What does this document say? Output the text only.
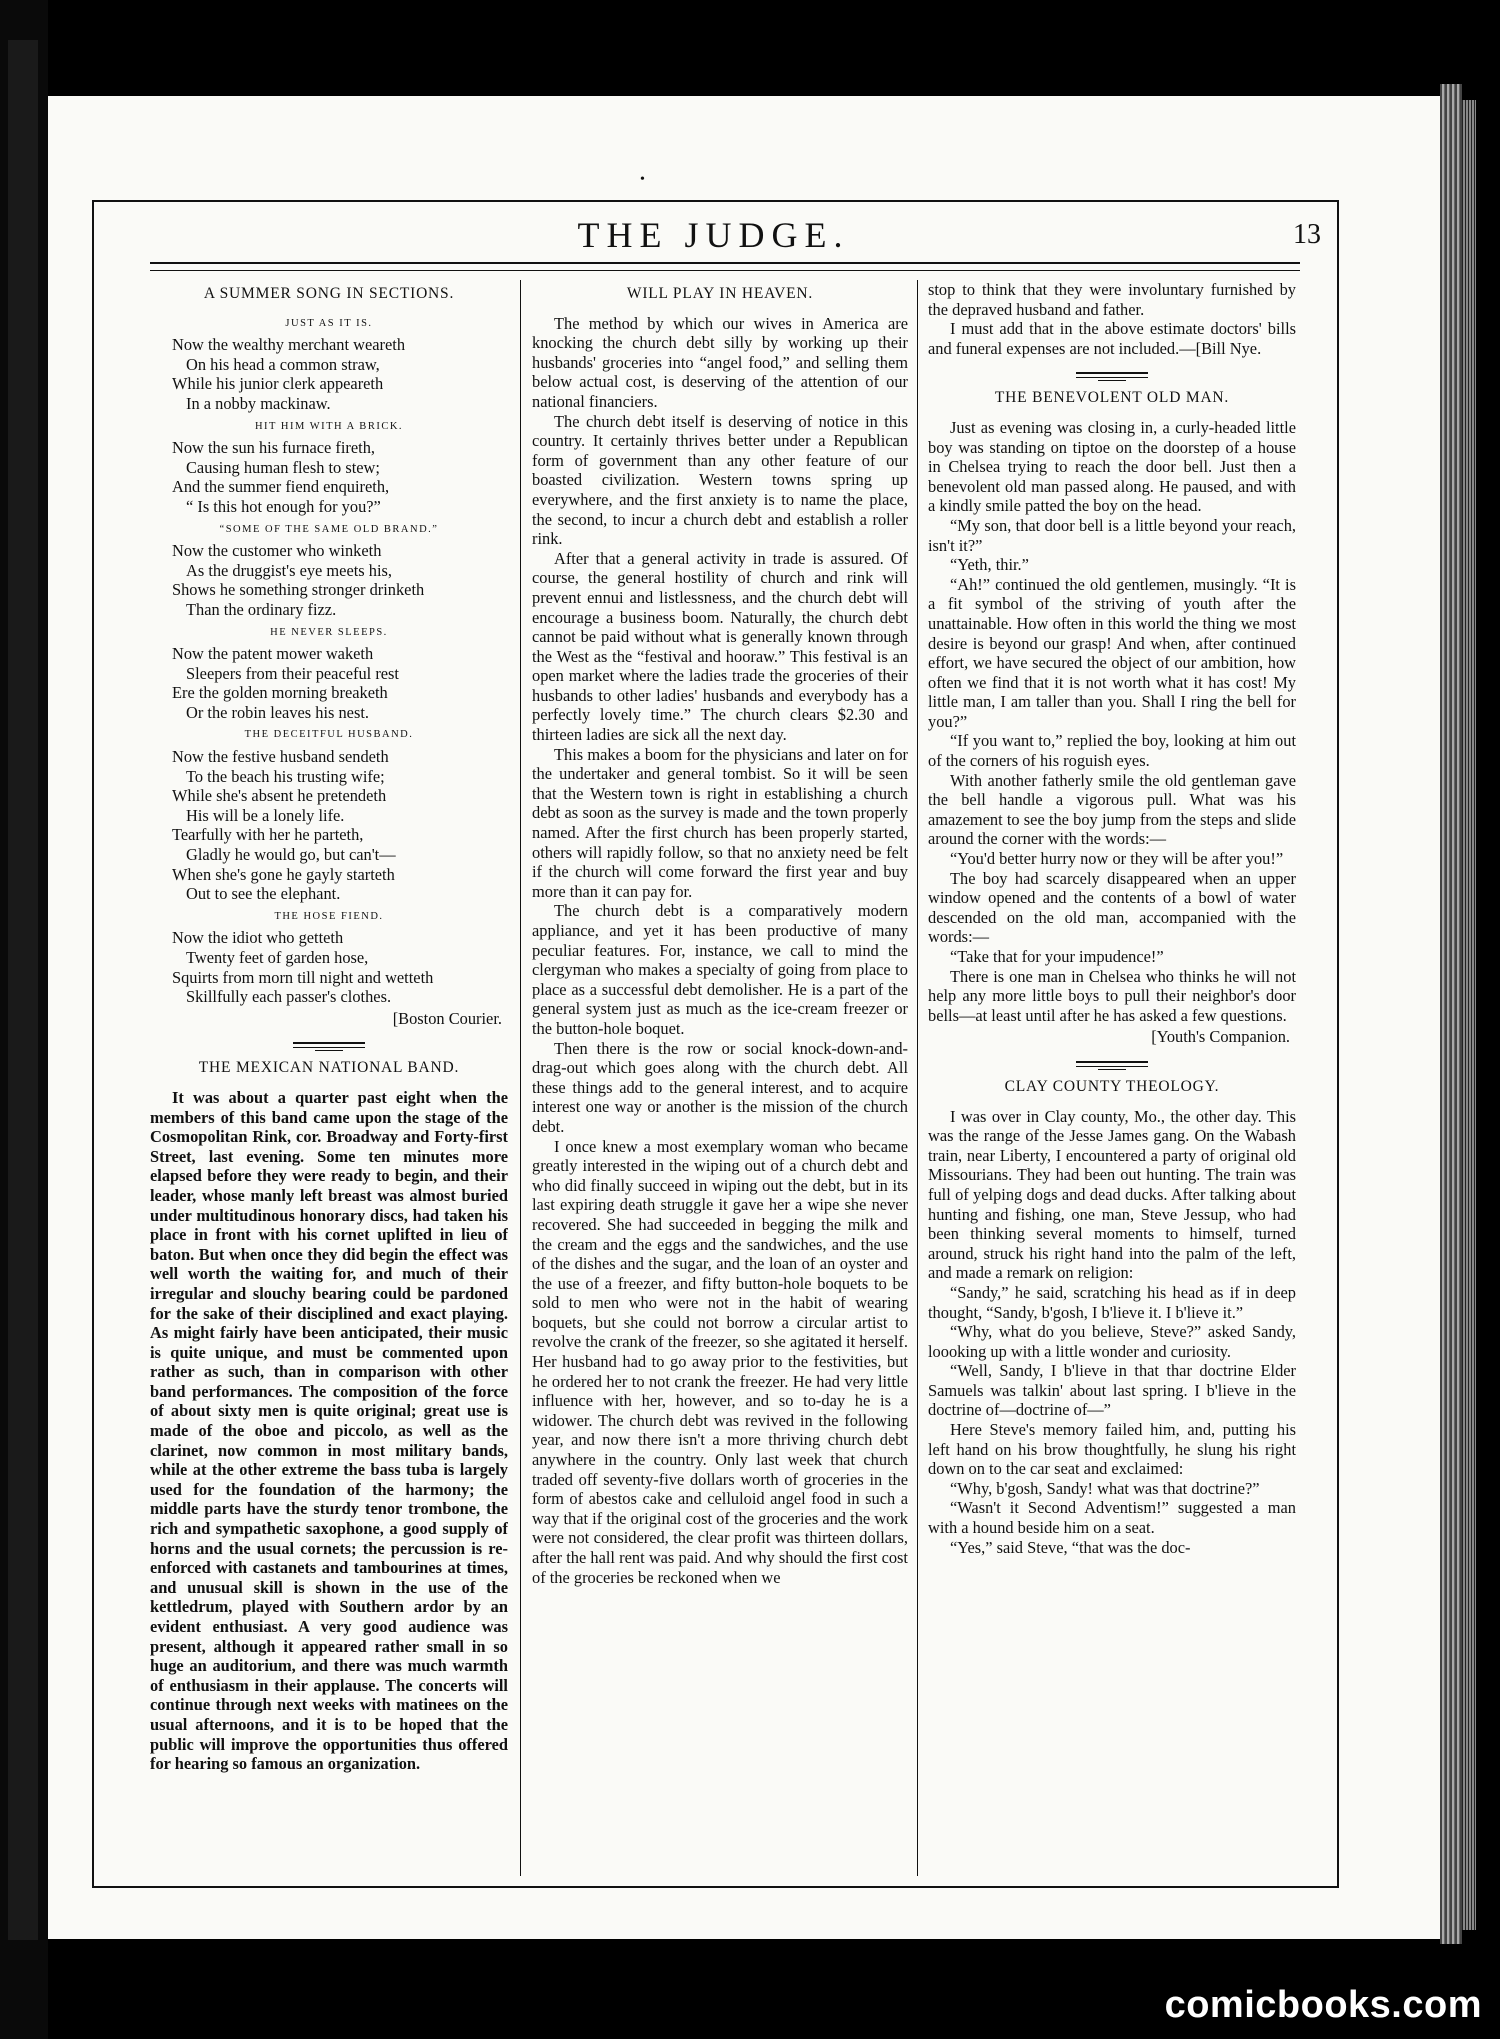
•
THE JUDGE.	13
A SUMMER SONG IN SECTIONS.
JUST AS IT IS.
Now the wealthy merchant weareth
On his head a common straw,
While his junior clerk appeareth
In a nobby mackinaw.
HIT HIM WITH A BRICK.
Now the sun his furnace fireth,
Causing human flesh to stew;
And the summer fiend enquireth,
“ Is this hot enough for you?”
“SOME OF THE SAME OLD BRAND.”
Now the customer who winketh
As the druggist's eye meets his,
Shows he something stronger drinketh
Than the ordinary fizz.
HE NEVER SLEEPS.
Now the patent mower waketh
Sleepers from their peaceful rest
Ere the golden morning breaketh
Or the robin leaves his nest.
THE DECEITFUL HUSBAND.
Now the festive husband sendeth
To the beach his trusting wife;
While she's absent he pretendeth
His will be a lonely life.
Tearfully with her he parteth,
Gladly he would go, but can't—
When she's gone he gayly starteth
Out to see the elephant.
THE HOSE FIEND.
Now the idiot who getteth
Twenty feet of garden hose,
Squirts from morn till night and wetteth
Skillfully each passer's clothes.
[Boston Courier.
THE MEXICAN NATIONAL BAND.

It was about a quarter past eight when the members of this band came upon the stage of the Cosmopolitan Rink, cor. Broadway and Forty-first Street, last evening. Some ten minutes more elapsed before they were ready to begin, and their leader, whose manly left breast was almost buried under multitudinous honorary discs, had taken his place in front with his cornet uplifted in lieu of baton. But when once they did begin the effect was well worth the waiting for, and much of their irregular and slouchy bearing could be pardoned for the sake of their disciplined and exact playing. As might fairly have been anticipated, their music is quite unique, and must be commented upon rather as such, than in comparison with other band performances. The composition of the force of about sixty men is quite original; great use is made of the oboe and piccolo, as well as the clarinet, now common in most military bands, while at the other extreme the bass tuba is largely used for the foundation of the harmony; the middle parts have the sturdy tenor trombone, the rich and sympathetic saxophone, a good supply of horns and the usual cornets; the percussion is re-enforced with castanets and tambourines at times, and unusual skill is shown in the use of the kettledrum, played with Southern ardor by an evident enthusiast. A very good audience was present, although it appeared rather small in so huge an auditorium, and there was much warmth of enthusiasm in their applause. The concerts will continue through next weeks with matinees on the usual afternoons, and it is to be hoped that the public will improve the opportunities thus offered for hearing so famous an organization.

WILL PLAY IN HEAVEN.

The method by which our wives in America are knocking the church debt silly by working up their husbands' groceries into “angel food,” and selling them below actual cost, is deserving of the attention of our national financiers.

The church debt itself is deserving of notice in this country. It certainly thrives better under a Republican form of government than any other feature of our boasted civilization. Western towns spring up everywhere, and the first anxiety is to name the place, the second, to incur a church debt and establish a roller rink.

After that a general activity in trade is assured. Of course, the general hostility of church and rink will prevent ennui and listlessness, and the church debt will encourage a business boom. Naturally, the church debt cannot be paid without what is generally known through the West as the “festival and hooraw.” This festival is an open market where the ladies trade the groceries of their husbands to other ladies' husbands and everybody has a perfectly lovely time.” The church clears $2.30 and thirteen ladies are sick all the next day.

This makes a boom for the physicians and later on for the undertaker and general tombist. So it will be seen that the Western town is right in establishing a church debt as soon as the survey is made and the town properly named. After the first church has been properly started, others will rapidly follow, so that no anxiety need be felt if the church will come forward the first year and buy more than it can pay for.

The church debt is a comparatively modern appliance, and yet it has been productive of many peculiar features. For, instance, we call to mind the clergyman who makes a specialty of going from place to place as a successful debt demolisher. He is a part of the general system just as much as the ice-cream freezer or the button-hole boquet.

Then there is the row or social knock-down-and-drag-out which goes along with the church debt. All these things add to the general interest, and to acquire interest one way or another is the mission of the church debt.

I once knew a most exemplary woman who became greatly interested in the wiping out of a church debt and who did finally succeed in wiping out the debt, but in its last expiring death struggle it gave her a wipe she never recovered. She had succeeded in begging the milk and the cream and the eggs and the sandwiches, and the use of the dishes and the sugar, and the loan of an oyster and the use of a freezer, and fifty button-hole boquets to be sold to men who were not in the habit of wearing boquets, but she could not borrow a circular artist to revolve the crank of the freezer, so she agitated it herself. Her husband had to go away prior to the festivities, but he ordered her to not crank the freezer. He had very little influence with her, however, and so to-day he is a widower. The church debt was revived in the following year, and now there isn't a more thriving church debt anywhere in the country. Only last week that church traded off seventy-five dollars worth of groceries in the form of abestos cake and celluloid angel food in such a way that if the original cost of the groceries and the work were not considered, the clear profit was thirteen dollars, after the hall rent was paid. And why should the first cost of the groceries be reckoned when we

stop to think that they were involuntary furnished by the depraved husband and father.

I must add that in the above estimate doctors' bills and funeral expenses are not included.—[Bill Nye.

THE BENEVOLENT OLD MAN.

Just as evening was closing in, a curly-headed little boy was standing on tiptoe on the doorstep of a house in Chelsea trying to reach the door bell. Just then a benevolent old man passed along. He paused, and with a kindly smile patted the boy on the head.

“My son, that door bell is a little beyond your reach, isn't it?”

“Yeth, thir.”

“Ah!” continued the old gentlemen, musingly. “It is a fit symbol of the striving of youth after the unattainable. How often in this world the thing we most desire is beyond our grasp! And when, after continued effort, we have secured the object of our ambition, how often we find that it is not worth what it has cost! My little man, I am taller than you. Shall I ring the bell for you?”

“If you want to,” replied the boy, looking at him out of the corners of his roguish eyes.

With another fatherly smile the old gentleman gave the bell handle a vigorous pull. What was his amazement to see the boy jump from the steps and slide around the corner with the words:—

“You'd better hurry now or they will be after you!”

The boy had scarcely disappeared when an upper window opened and the contents of a bowl of water descended on the old man, accompanied with the words:—

“Take that for your impudence!”

There is one man in Chelsea who thinks he will not help any more little boys to pull their neighbor's door bells—at least until after he has asked a few questions.

[Youth's Companion.
CLAY COUNTY THEOLOGY.

I was over in Clay county, Mo., the other day. This was the range of the Jesse James gang. On the Wabash train, near Liberty, I encountered a party of original old Missourians. They had been out hunting. The train was full of yelping dogs and dead ducks. After talking about hunting and fishing, one man, Steve Jessup, who had been thinking several moments to himself, turned around, struck his right hand into the palm of the left, and made a remark on religion:

“Sandy,” he said, scratching his head as if in deep thought, “Sandy, b'gosh, I b'lieve it. I b'lieve it.”

“Why, what do you believe, Steve?” asked Sandy, loooking up with a little wonder and curiosity.

“Well, Sandy, I b'lieve in that thar doctrine Elder Samuels was talkin' about last spring. I b'lieve in the doctrine of—doctrine of—”

Here Steve's memory failed him, and, putting his left hand on his brow thoughtfully, he slung his right down on to the car seat and exclaimed:

“Why, b'gosh, Sandy! what was that doctrine?”

“Wasn't it Second Adventism!” suggested a man with a hound beside him on a seat.

“Yes,” said Steve, “that was the doc-

comicbooks.com
